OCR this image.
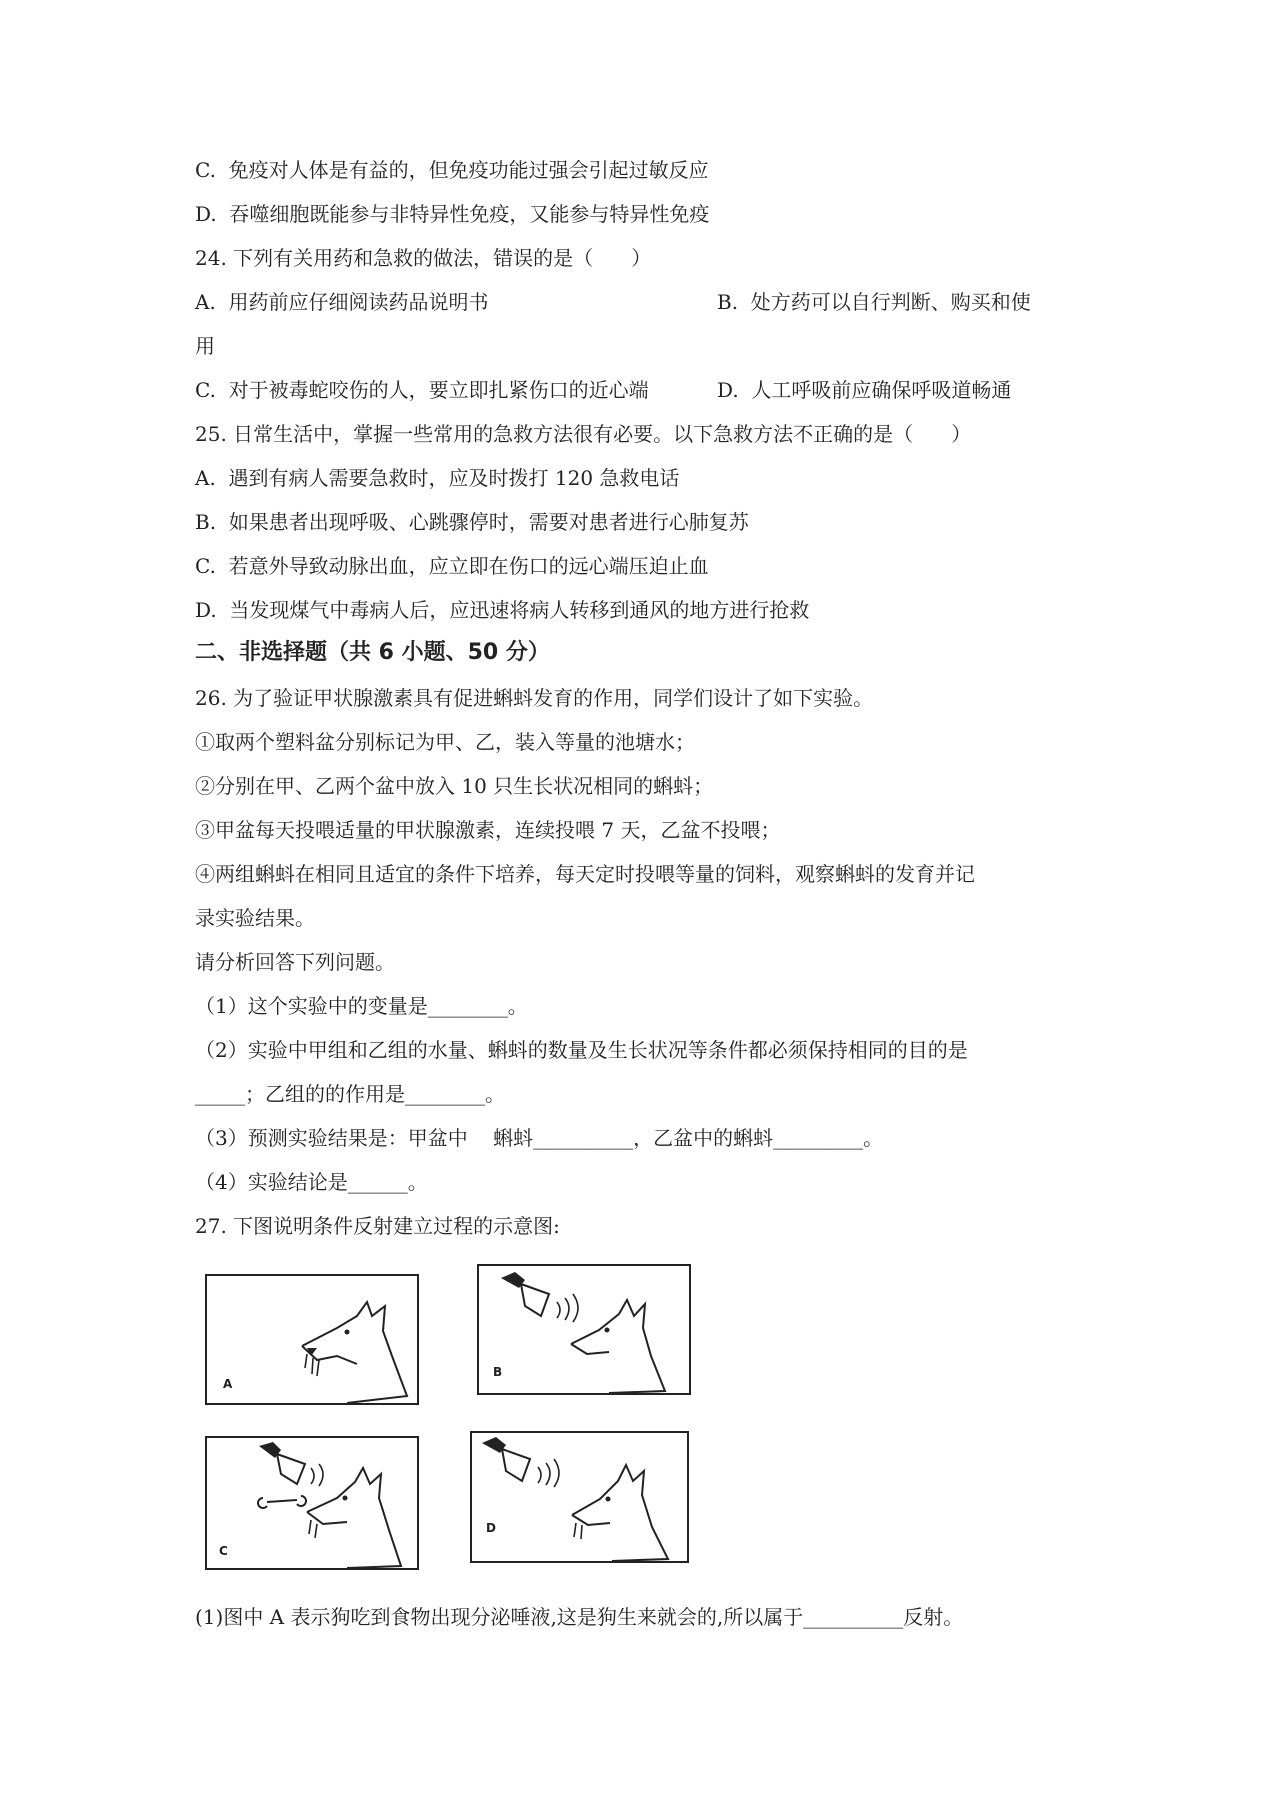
C.  免疫对人体是有益的，但免疫功能过强会引起过敏反应
D.  吞噬细胞既能参与非特异性免疫，又能参与特异性免疫
24. 下列有关用药和急救的做法，错误的是（      ）
A.  用药前应仔细阅读药品说明书	B.  处方药可以自行判断、购买和使
用
C.  对于被毒蛇咬伤的人，要立即扎紧伤口的近心端	D.  人工呼吸前应确保呼吸道畅通
25. 日常生活中，掌握一些常用的急救方法很有必要。以下急救方法不正确的是（      ）
A.  遇到有病人需要急救时，应及时拨打 120 急救电话
B.  如果患者出现呼吸、心跳骤停时，需要对患者进行心肺复苏
C.  若意外导致动脉出血，应立即在伤口的远心端压迫止血
D.  当发现煤气中毒病人后，应迅速将病人转移到通风的地方进行抢救
二、非选择题（共 6 小题、50 分）
26. 为了验证甲状腺激素具有促进蝌蚪发育的作用，同学们设计了如下实验。
①取两个塑料盆分别标记为甲、乙，装入等量的池塘水；
②分别在甲、乙两个盆中放入 10 只生长状况相同的蝌蚪；
③甲盆每天投喂适量的甲状腺激素，连续投喂 7 天，乙盆不投喂；
④两组蝌蚪在相同且适宜的条件下培养，每天定时投喂等量的饲料，观察蝌蚪的发育并记
录实验结果。
请分析回答下列问题。
（1）这个实验中的变量是________。
（2）实验中甲组和乙组的水量、蝌蚪的数量及生长状况等条件都必须保持相同的目的是
_____；乙组的的作用是________。
（3）预测实验结果是：甲盆中    蝌蚪__________，乙盆中的蝌蚪_________。
（4）实验结论是______。
27. 下图说明条件反射建立过程的示意图:
A
B
C
D
(1)图中 A 表示狗吃到食物出现分泌唾液,这是狗生来就会的,所以属于__________反射。
